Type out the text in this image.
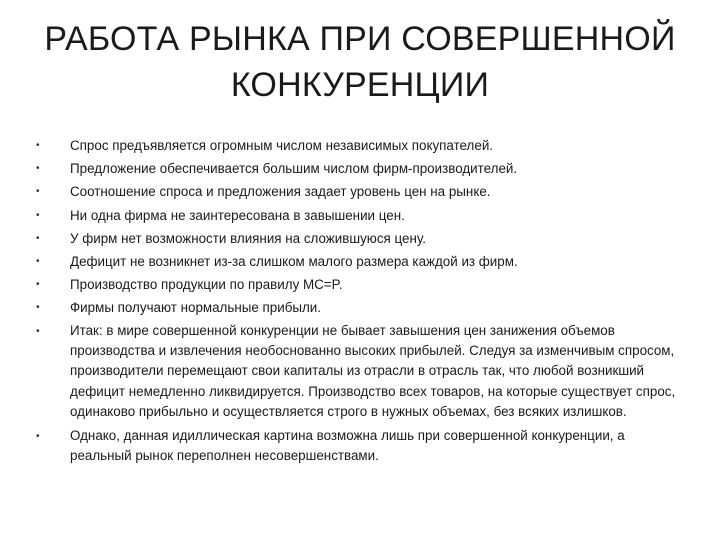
РАБОТА РЫНКА ПРИ СОВЕРШЕННОЙ
КОНКУРЕНЦИИ
•	Спрос предъявляется огромным числом независимых покупателей.
•	Предложение обеспечивается большим числом фирм-производителей.
•	Соотношение спроса и предложения задает уровень цен на рынке.
•	Ни одна фирма не заинтересована в завышении цен.
•	У фирм нет возможности влияния на сложившуюся цену.
•	Дефицит не возникнет из-за слишком малого размера каждой из фирм.
•	Производство продукции по правилу MC=P.
•	Фирмы получают нормальные прибыли.
•	Итак: в мире совершенной конкуренции не бывает завышения цен занижения объемов производства и извлечения необоснованно высоких прибылей. Следуя за изменчивым спросом, производители перемещают свои капиталы из отрасли в отрасль так, что любой возникший дефицит немедленно ликвидируется. Производство всех товаров, на которые существует спрос, одинаково прибыльно и осуществляется строго в нужных объемах, без всяких излишков.
•	Однако, данная идиллическая картина возможна лишь при совершенной конкуренции, а реальный рынок переполнен несовершенствами.
